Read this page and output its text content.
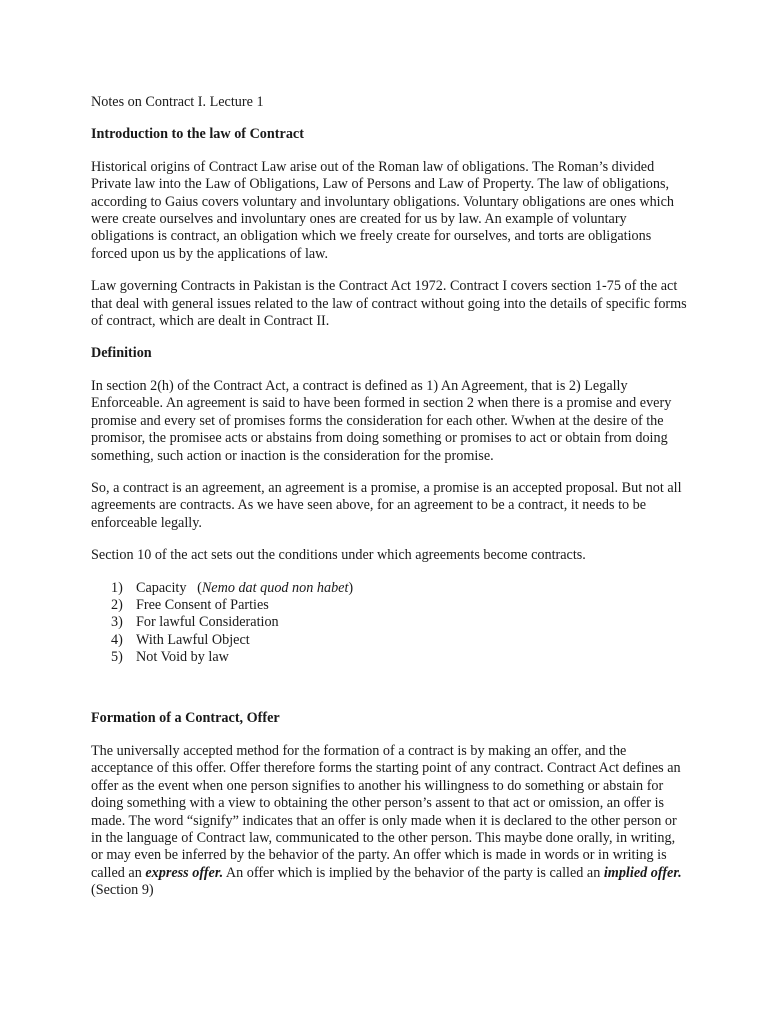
Notes on Contract I. Lecture 1

Introduction to the law of Contract

Historical origins of Contract Law arise out of the Roman law of obligations. The Roman’s divided Private law into the Law of Obligations, Law of Persons and Law of Property. The law of obligations, according to Gaius covers voluntary and involuntary obligations. Voluntary obligations are ones which were create ourselves and involuntary ones are created for us by law. An example of voluntary obligations is contract, an obligation which we freely create for ourselves, and torts are obligations forced upon us by the applications of law.

Law governing Contracts in Pakistan is the Contract Act 1972. Contract I covers section 1-75 of the act that deal with general issues related to the law of contract without going into the details of specific forms of contract, which are dealt in Contract II.

Definition

In section 2(h) of the Contract Act, a contract is defined as 1) An Agreement, that is 2) Legally Enforceable. An agreement is said to have been formed in section 2 when there is a promise and every promise and every set of promises forms the consideration for each other. Wwhen at the desire of the promisor, the promisee acts or abstains from doing something or promises to act or obtain from doing something, such action or inaction is the consideration for the promise.

So, a contract is an agreement, an agreement is a promise, a promise is an accepted proposal. But not all agreements are contracts. As we have seen above, for an agreement to be a contract, it needs to be enforceable legally.

Section 10 of the act sets out the conditions under which agreements become contracts.

1) Capacity   (Nemo dat quod non habet)
2) Free Consent of Parties
3) For lawful Consideration
4) With Lawful Object
5) Not Void by law

Formation of a Contract, Offer

The universally accepted method for the formation of a contract is by making an offer, and the acceptance of this offer. Offer therefore forms the starting point of any contract. Contract Act defines an offer as the event when one person signifies to another his willingness to do something or abstain for doing something with a view to obtaining the other person’s assent to that act or omission, an offer is made. The word “signify” indicates that an offer is only made when it is declared to the other person or in the language of Contract law, communicated to the other person. This maybe done orally, in writing, or may even be inferred by the behavior of the party. An offer which is made in words or in writing is called an express offer. An offer which is implied by the behavior of the party is called an implied offer. (Section 9)
